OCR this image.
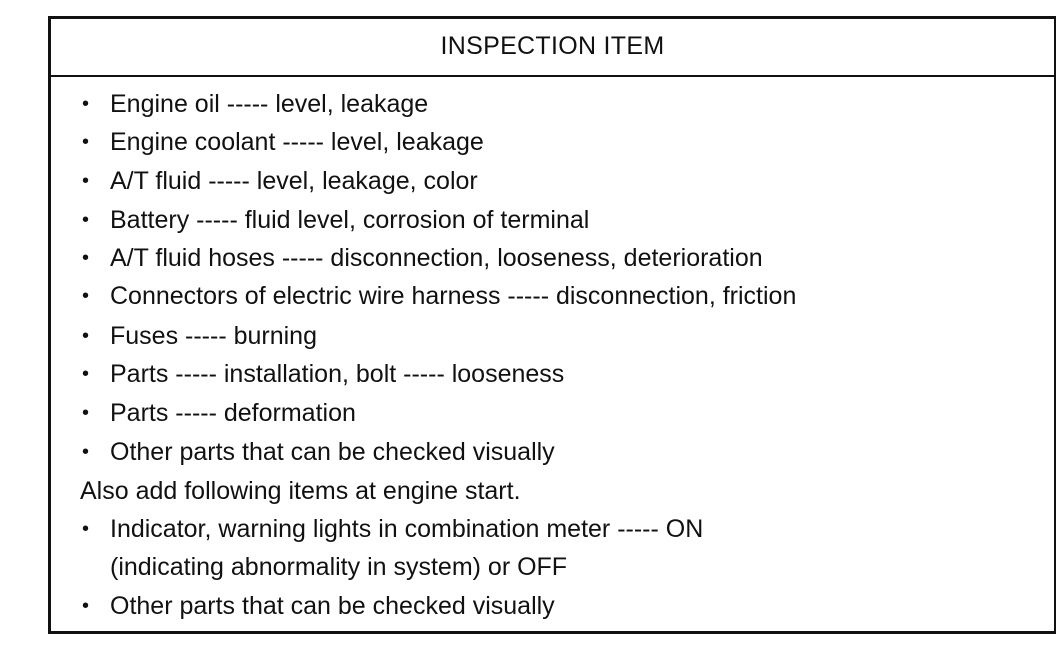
INSPECTION ITEM
• Engine oil ----- level, leakage
• Engine coolant ----- level, leakage
• A/T fluid ----- level, leakage, color
• Battery ----- fluid level, corrosion of terminal
• A/T fluid hoses ----- disconnection, looseness, deterioration
• Connectors of electric wire harness ----- disconnection, friction
• Fuses ----- burning
• Parts ----- installation, bolt ----- looseness
• Parts ----- deformation
• Other parts that can be checked visually
Also add following items at engine start.
• Indicator, warning lights in combination meter ----- ON
(indicating abnormality in system) or OFF
• Other parts that can be checked visually
